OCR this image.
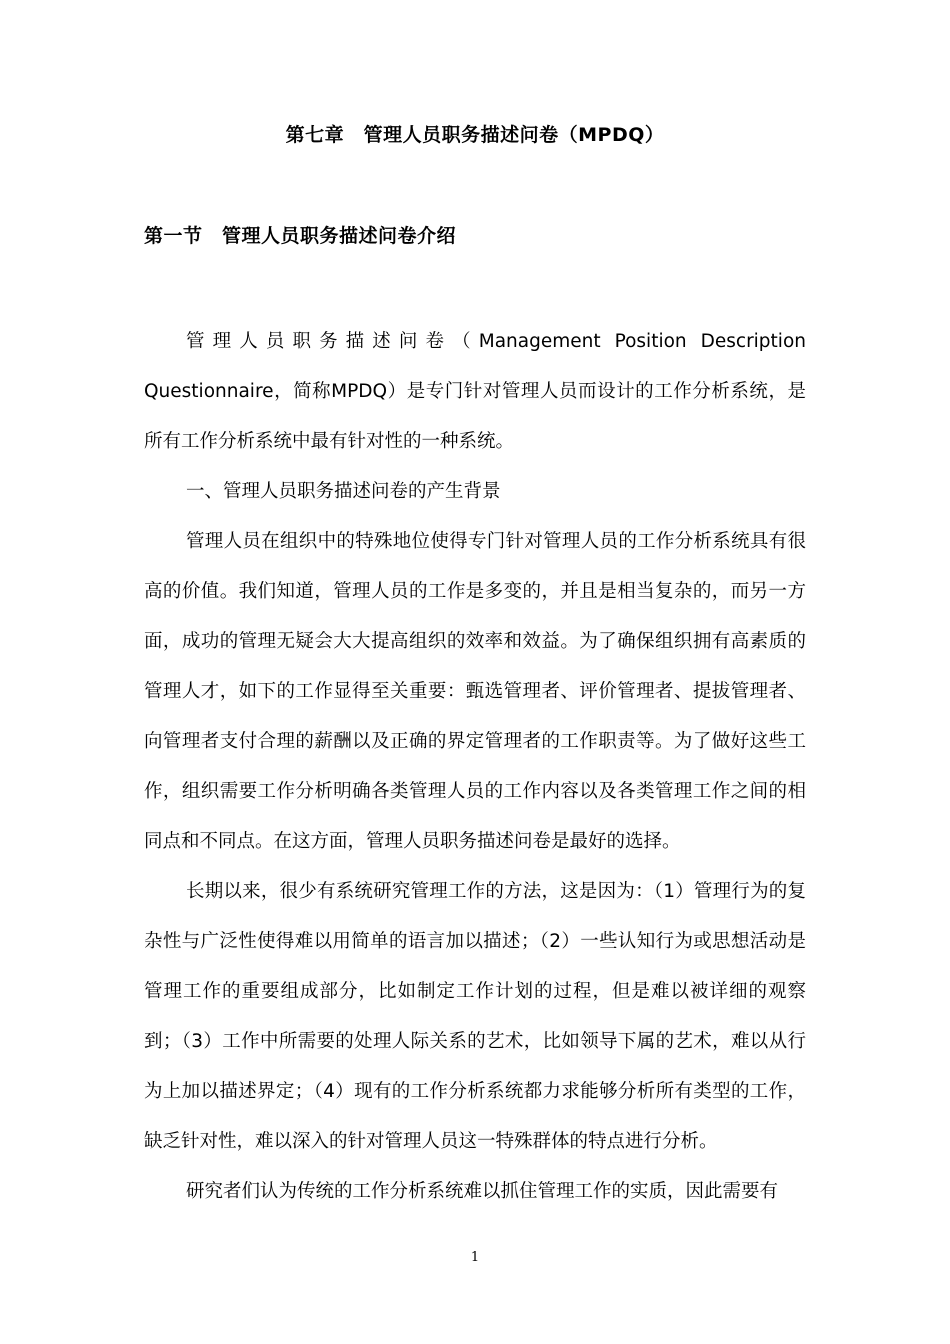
第七章　管理人员职务描述问卷（MPDQ）
第一节　管理人员职务描述问卷介绍

管理人员职务描述问卷（Management Position Description Questionnaire，简称MPDQ）是专门针对管理人员而设计的工作分析系统，是所有工作分析系统中最有针对性的一种系统。

一、管理人员职务描述问卷的产生背景

管理人员在组织中的特殊地位使得专门针对管理人员的工作分析系统具有很高的价值。我们知道，管理人员的工作是多变的，并且是相当复杂的，而另一方面，成功的管理无疑会大大提高组织的效率和效益。为了确保组织拥有高素质的管理人才，如下的工作显得至关重要：甄选管理者、评价管理者、提拔管理者、向管理者支付合理的薪酬以及正确的界定管理者的工作职责等。为了做好这些工作，组织需要工作分析明确各类管理人员的工作内容以及各类管理工作之间的相同点和不同点。在这方面，管理人员职务描述问卷是最好的选择。

长期以来，很少有系统研究管理工作的方法，这是因为：（1）管理行为的复杂性与广泛性使得难以用简单的语言加以描述；（2）一些认知行为或思想活动是管理工作的重要组成部分，比如制定工作计划的过程，但是难以被详细的观察到；（3）工作中所需要的处理人际关系的艺术，比如领导下属的艺术，难以从行为上加以描述界定；（4）现有的工作分析系统都力求能够分析所有类型的工作，缺乏针对性，难以深入的针对管理人员这一特殊群体的特点进行分析。

研究者们认为传统的工作分析系统难以抓住管理工作的实质，因此需要有

1
